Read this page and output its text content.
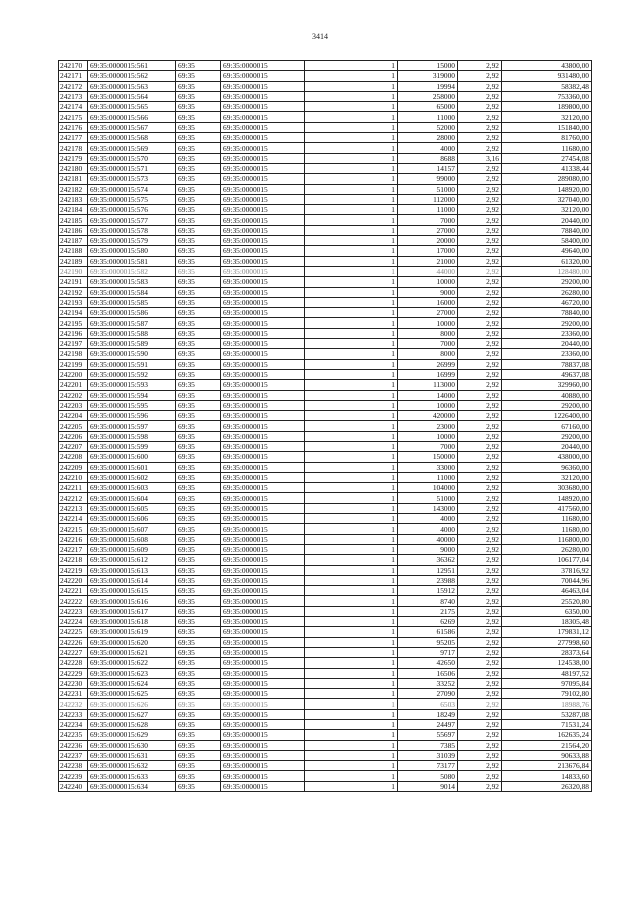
3414
242170	69:35:0000015:561	69:35	69:35:0000015	1	15000	2,92	43800,00
242171	69:35:0000015:562	69:35	69:35:0000015	1	319000	2,92	931480,00
242172	69:35:0000015:563	69:35	69:35:0000015	1	19994	2,92	58382,48
242173	69:35:0000015:564	69:35	69:35:0000015	1	258000	2,92	753360,00
242174	69:35:0000015:565	69:35	69:35:0000015	1	65000	2,92	189800,00
242175	69:35:0000015:566	69:35	69:35:0000015	1	11000	2,92	32120,00
242176	69:35:0000015:567	69:35	69:35:0000015	1	52000	2,92	151840,00
242177	69:35:0000015:568	69:35	69:35:0000015	1	28000	2,92	81760,00
242178	69:35:0000015:569	69:35	69:35:0000015	1	4000	2,92	11680,00
242179	69:35:0000015:570	69:35	69:35:0000015	1	8688	3,16	27454,08
242180	69:35:0000015:571	69:35	69:35:0000015	1	14157	2,92	41338,44
242181	69:35:0000015:573	69:35	69:35:0000015	1	99000	2,92	289080,00
242182	69:35:0000015:574	69:35	69:35:0000015	1	51000	2,92	148920,00
242183	69:35:0000015:575	69:35	69:35:0000015	1	112000	2,92	327040,00
242184	69:35:0000015:576	69:35	69:35:0000015	1	11000	2,92	32120,00
242185	69:35:0000015:577	69:35	69:35:0000015	1	7000	2,92	20440,00
242186	69:35:0000015:578	69:35	69:35:0000015	1	27000	2,92	78840,00
242187	69:35:0000015:579	69:35	69:35:0000015	1	20000	2,92	58400,00
242188	69:35:0000015:580	69:35	69:35:0000015	1	17000	2,92	49640,00
242189	69:35:0000015:581	69:35	69:35:0000015	1	21000	2,92	61320,00
242190	69:35:0000015:582	69:35	69:35:0000015	1	44000	2,92	128480,00
242191	69:35:0000015:583	69:35	69:35:0000015	1	10000	2,92	29200,00
242192	69:35:0000015:584	69:35	69:35:0000015	1	9000	2,92	26280,00
242193	69:35:0000015:585	69:35	69:35:0000015	1	16000	2,92	46720,00
242194	69:35:0000015:586	69:35	69:35:0000015	1	27000	2,92	78840,00
242195	69:35:0000015:587	69:35	69:35:0000015	1	10000	2,92	29200,00
242196	69:35:0000015:588	69:35	69:35:0000015	1	8000	2,92	23360,00
242197	69:35:0000015:589	69:35	69:35:0000015	1	7000	2,92	20440,00
242198	69:35:0000015:590	69:35	69:35:0000015	1	8000	2,92	23360,00
242199	69:35:0000015:591	69:35	69:35:0000015	1	26999	2,92	78837,08
242200	69:35:0000015:592	69:35	69:35:0000015	1	16999	2,92	49637,08
242201	69:35:0000015:593	69:35	69:35:0000015	1	113000	2,92	329960,00
242202	69:35:0000015:594	69:35	69:35:0000015	1	14000	2,92	40880,00
242203	69:35:0000015:595	69:35	69:35:0000015	1	10000	2,92	29200,00
242204	69:35:0000015:596	69:35	69:35:0000015	1	420000	2,92	1226400,00
242205	69:35:0000015:597	69:35	69:35:0000015	1	23000	2,92	67160,00
242206	69:35:0000015:598	69:35	69:35:0000015	1	10000	2,92	29200,00
242207	69:35:0000015:599	69:35	69:35:0000015	1	7000	2,92	20440,00
242208	69:35:0000015:600	69:35	69:35:0000015	1	150000	2,92	438000,00
242209	69:35:0000015:601	69:35	69:35:0000015	1	33000	2,92	96360,00
242210	69:35:0000015:602	69:35	69:35:0000015	1	11000	2,92	32120,00
242211	69:35:0000015:603	69:35	69:35:0000015	1	104000	2,92	303680,00
242212	69:35:0000015:604	69:35	69:35:0000015	1	51000	2,92	148920,00
242213	69:35:0000015:605	69:35	69:35:0000015	1	143000	2,92	417560,00
242214	69:35:0000015:606	69:35	69:35:0000015	1	4000	2,92	11680,00
242215	69:35:0000015:607	69:35	69:35:0000015	1	4000	2,92	11680,00
242216	69:35:0000015:608	69:35	69:35:0000015	1	40000	2,92	116800,00
242217	69:35:0000015:609	69:35	69:35:0000015	1	9000	2,92	26280,00
242218	69:35:0000015:612	69:35	69:35:0000015	1	36362	2,92	106177,04
242219	69:35:0000015:613	69:35	69:35:0000015	1	12951	2,92	37816,92
242220	69:35:0000015:614	69:35	69:35:0000015	1	23988	2,92	70044,96
242221	69:35:0000015:615	69:35	69:35:0000015	1	15912	2,92	46463,04
242222	69:35:0000015:616	69:35	69:35:0000015	1	8740	2,92	25520,80
242223	69:35:0000015:617	69:35	69:35:0000015	1	2175	2,92	6350,00
242224	69:35:0000015:618	69:35	69:35:0000015	1	6269	2,92	18305,48
242225	69:35:0000015:619	69:35	69:35:0000015	1	61586	2,92	179831,12
242226	69:35:0000015:620	69:35	69:35:0000015	1	95205	2,92	277998,60
242227	69:35:0000015:621	69:35	69:35:0000015	1	9717	2,92	28373,64
242228	69:35:0000015:622	69:35	69:35:0000015	1	42650	2,92	124538,00
242229	69:35:0000015:623	69:35	69:35:0000015	1	16506	2,92	48197,52
242230	69:35:0000015:624	69:35	69:35:0000015	1	33252	2,92	97095,84
242231	69:35:0000015:625	69:35	69:35:0000015	1	27090	2,92	79102,80
242232	69:35:0000015:626	69:35	69:35:0000015	1	6503	2,92	18988,76
242233	69:35:0000015:627	69:35	69:35:0000015	1	18249	2,92	53287,08
242234	69:35:0000015:628	69:35	69:35:0000015	1	24497	2,92	71531,24
242235	69:35:0000015:629	69:35	69:35:0000015	1	55697	2,92	162635,24
242236	69:35:0000015:630	69:35	69:35:0000015	1	7385	2,92	21564,20
242237	69:35:0000015:631	69:35	69:35:0000015	1	31039	2,92	90633,88
242238	69:35:0000015:632	69:35	69:35:0000015	1	73177	2,92	213676,84
242239	69:35:0000015:633	69:35	69:35:0000015	1	5080	2,92	14833,60
242240	69:35:0000015:634	69:35	69:35:0000015	1	9014	2,92	26320,88
